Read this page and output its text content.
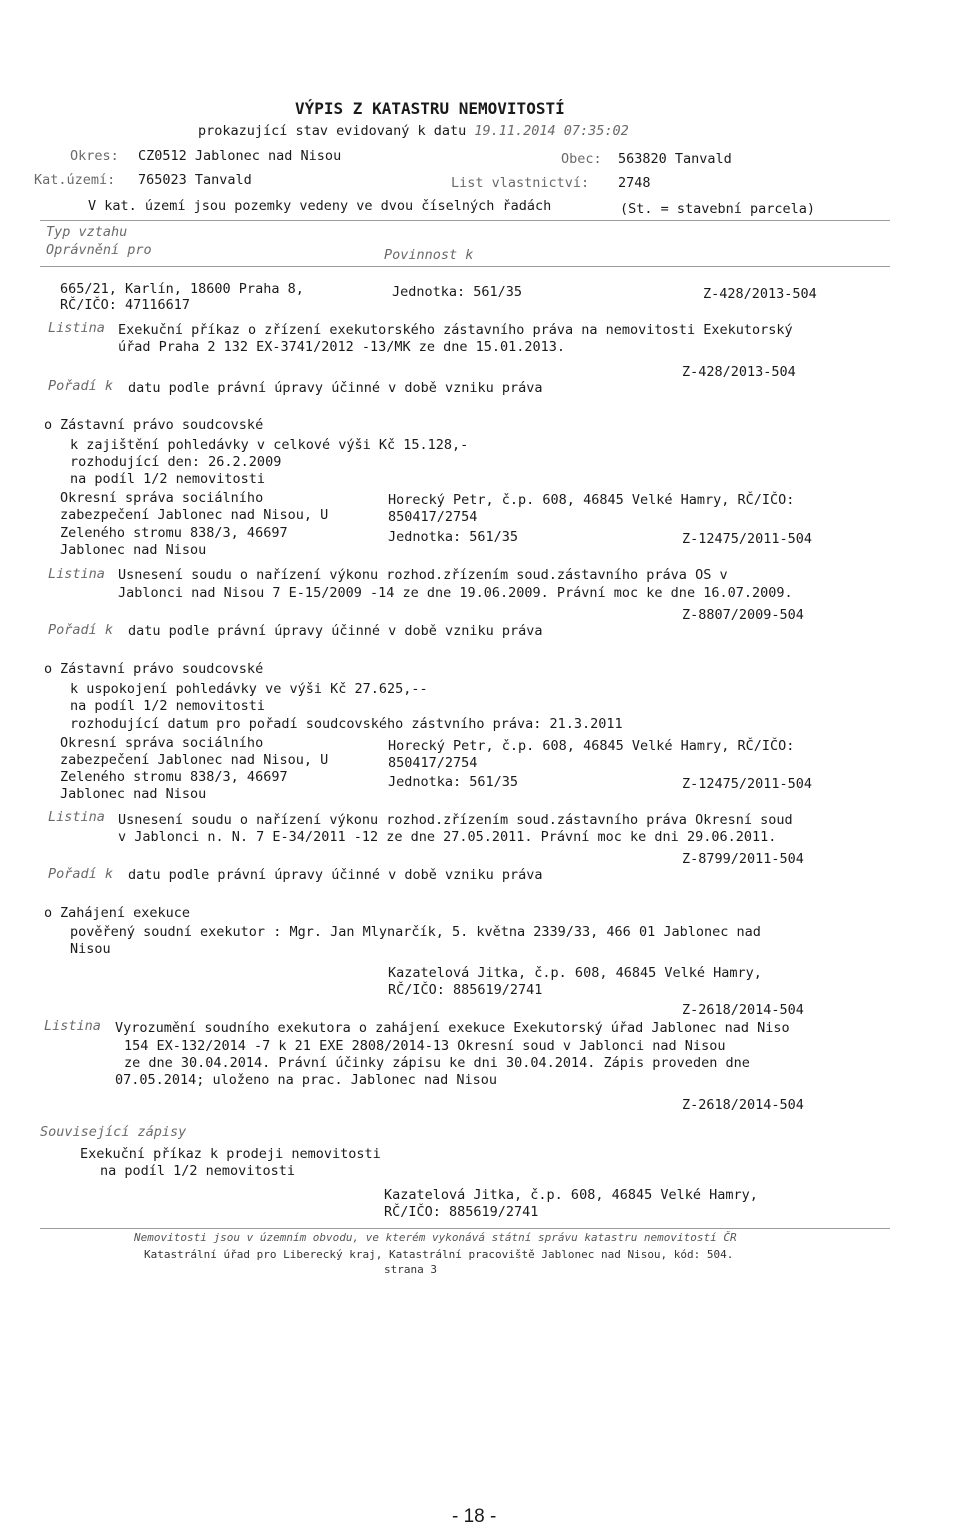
VÝPIS Z KATASTRU NEMOVITOSTÍ
prokazující stav evidovaný k datu 19.11.2014 07:35:02
Okres: CZ0512 Jablonec nad Nisou	Obec: 563820 Tanvald
Kat.území: 765023 Tanvald	List vlastnictví: 2748
V kat. území jsou pozemky vedeny ve dvou číselných řadách	(St. = stavební parcela)
Typ vztahu
Oprávnění pro	Povinnost k
665/21, Karlín, 18600 Praha 8,
RČ/IČO: 47116617
Jednotka: 561/35	Z-428/2013-504
Listina Exekuční příkaz o zřízení exekutorského zástavního práva na nemovitosti Exekutorský
úřad Praha 2 132 EX-3741/2012 -13/MK ze dne 15.01.2013.
Z-428/2013-504
Pořadí k datu podle právní úpravy účinné v době vzniku práva
o Zástavní právo soudcovské
k zajištění pohledávky v celkové výši Kč 15.128,-
rozhodující den: 26.2.2009
na podíl 1/2 nemovitosti
Okresní správa sociálního
zabezpečení Jablonec nad Nisou, U
Zeleného stromu 838/3, 46697
Jablonec nad Nisou
Horecký Petr, č.p. 608, 46845 Velké Hamry, RČ/IČO:
850417/2754
Jednotka: 561/35	Z-12475/2011-504
Listina Usnesení soudu o nařízení výkonu rozhod.zřízením soud.zástavního práva OS v
Jablonci nad Nisou 7 E-15/2009 -14 ze dne 19.06.2009. Právní moc ke dne 16.07.2009.
Z-8807/2009-504
Pořadí k datu podle právní úpravy účinné v době vzniku práva
o Zástavní právo soudcovské
k uspokojení pohledávky ve výši Kč 27.625,--
na podíl 1/2 nemovitosti
rozhodující datum pro pořadí soudcovského zástvního práva: 21.3.2011
Okresní správa sociálního
zabezpečení Jablonec nad Nisou, U
Zeleného stromu 838/3, 46697
Jablonec nad Nisou
Horecký Petr, č.p. 608, 46845 Velké Hamry, RČ/IČO:
850417/2754
Jednotka: 561/35	Z-12475/2011-504
Listina Usnesení soudu o nařízení výkonu rozhod.zřízením soud.zástavního práva Okresní soud
v Jablonci n. N. 7 E-34/2011 -12 ze dne 27.05.2011. Právní moc ke dni 29.06.2011.
Z-8799/2011-504
Pořadí k datu podle právní úpravy účinné v době vzniku práva
o Zahájení exekuce
pověřený soudní exekutor : Mgr. Jan Mlynarčík, 5. května 2339/33, 466 01 Jablonec nad
Nisou
Kazatelová Jitka, č.p. 608, 46845 Velké Hamry,
RČ/IČO: 885619/2741
Z-2618/2014-504
Listina Vyrozumění soudního exekutora o zahájení exekuce Exekutorský úřad Jablonec nad Niso
154 EX-132/2014 -7 k 21 EXE 2808/2014-13 Okresní soud v Jablonci nad Nisou
ze dne 30.04.2014. Právní účinky zápisu ke dni 30.04.2014. Zápis proveden dne
07.05.2014; uloženo na prac. Jablonec nad Nisou
Z-2618/2014-504
Související zápisy
Exekuční příkaz k prodeji nemovitosti
na podíl 1/2 nemovitosti
Kazatelová Jitka, č.p. 608, 46845 Velké Hamry,
RČ/IČO: 885619/2741
Nemovitosti jsou v územním obvodu, ve kterém vykonává státní správu katastru nemovitostí ČR
Katastrální úřad pro Liberecký kraj, Katastrální pracoviště Jablonec nad Nisou, kód: 504.
strana 3
- 18 -
